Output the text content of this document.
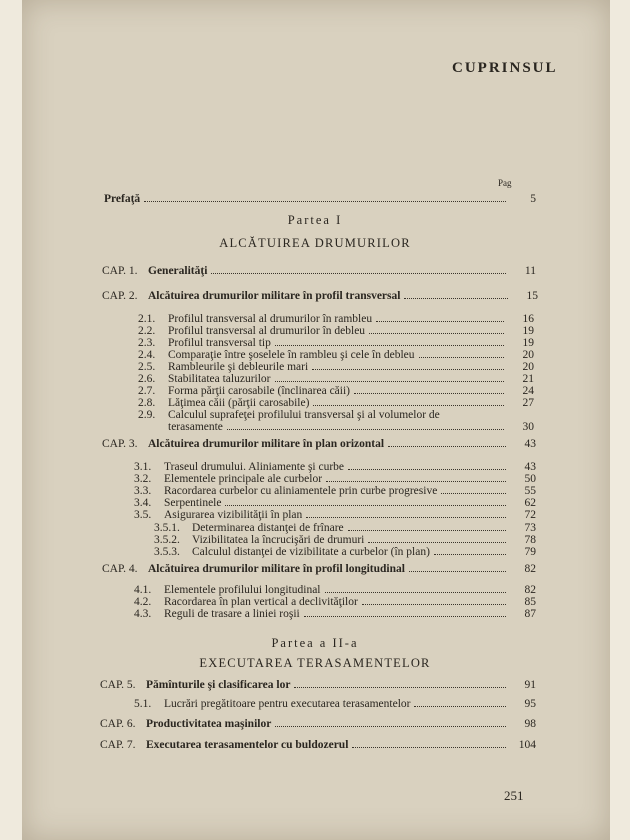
CUPRINSUL
Pag
Prefaţă	5
Partea I
ALCĂTUIREA DRUMURILOR
CAP. 1. Generalităţi	11
CAP. 2. Alcătuirea drumurilor militare în profil transversal	15
2.1.	Profilul transversal al drumurilor în rambleu	16
2.2.	Profilul transversal al drumurilor în debleu	19
2.3.	Profilul transversal tip	19
2.4.	Comparaţie între şoselele în rambleu şi cele în debleu	20
2.5.	Rambleurile şi debleurile mari	20
2.6.	Stabilitatea taluzurilor	21
2.7.	Forma părţii carosabile (înclinarea căii)	24
2.8.	Lăţimea căii (părţii carosabile)	27
2.9.	Calculul suprafeţei profilului transversal şi al volumelor de
terasamente	30
CAP. 3. Alcătuirea drumurilor militare în plan orizontal	43
3.1.	Traseul drumului. Aliniamente şi curbe	43
3.2.	Elementele principale ale curbelor	50
3.3.	Racordarea curbelor cu aliniamentele prin curbe progresive	55
3.4.	Serpentinele	62
3.5.	Asigurarea vizibilităţii în plan	72
3.5.1.	Determinarea distanţei de frînare	73
3.5.2.	Vizibilitatea la încrucişări de drumuri	78
3.5.3.	Calculul distanţei de vizibilitate a curbelor (în plan)	79
CAP. 4. Alcătuirea drumurilor militare în profil longitudinal	82
4.1.	Elementele profilului longitudinal	82
4.2.	Racordarea în plan vertical a declivităţilor	85
4.3.	Reguli de trasare a liniei roşii	87
Partea a II-a
EXECUTAREA TERASAMENTELOR
CAP. 5. Pămînturile şi clasificarea lor	91
5.1.	Lucrări pregătitoare pentru executarea terasamentelor	95
CAP. 6. Productivitatea maşinilor	98
CAP. 7. Executarea terasamentelor cu buldozerul	104
251
